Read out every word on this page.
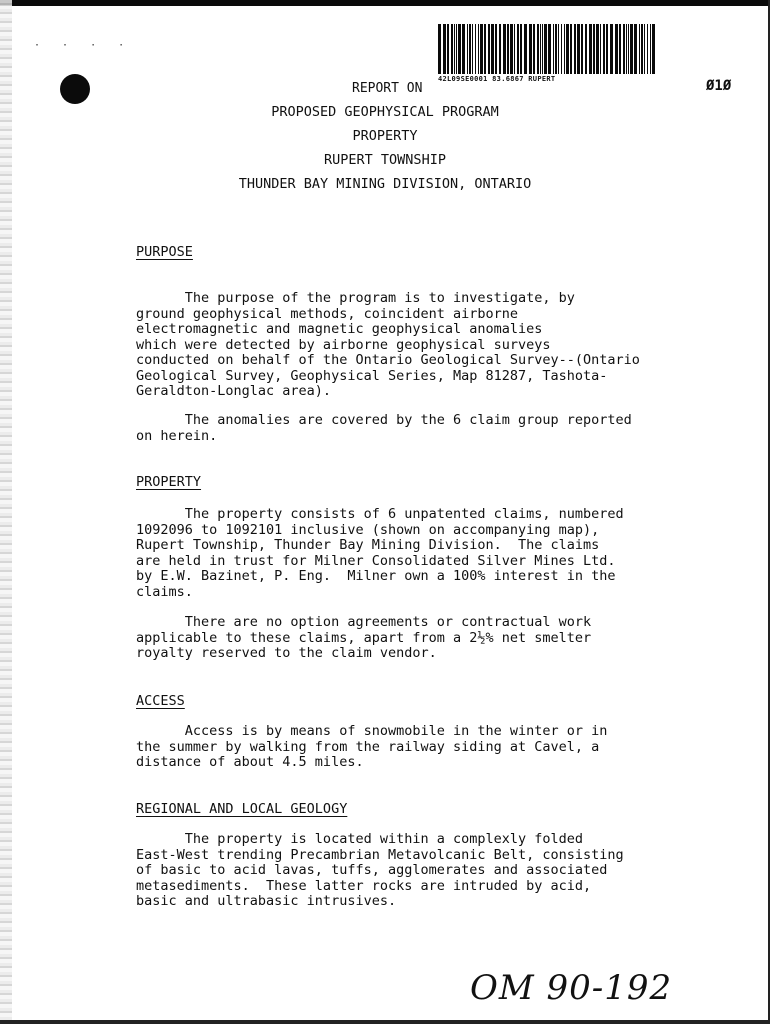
· · · ·
42L09SE0001 83.6867 RUPERT	Ø1Ø
REPORT ON
PROPOSED GEOPHYSICAL PROGRAM
PROPERTY
RUPERT TOWNSHIP
THUNDER BAY MINING DIVISION, ONTARIO
PURPOSE
The purpose of the program is to investigate, by
ground geophysical methods, coincident airborne
electromagnetic and magnetic geophysical anomalies
which were detected by airborne geophysical surveys
conducted on behalf of the Ontario Geological Survey--(Ontario
Geological Survey, Geophysical Series, Map 81287, Tashota-
Geraldton-Longlac area).
The anomalies are covered by the 6 claim group reported
on herein.
PROPERTY
The property consists of 6 unpatented claims, numbered
1092096 to 1092101 inclusive (shown on accompanying map),
Rupert Township, Thunder Bay Mining Division.  The claims
are held in trust for Milner Consolidated Silver Mines Ltd.
by E.W. Bazinet, P. Eng.  Milner own a 100% interest in the
claims.
There are no option agreements or contractual work
applicable to these claims, apart from a 2½% net smelter
royalty reserved to the claim vendor.
ACCESS
Access is by means of snowmobile in the winter or in
the summer by walking from the railway siding at Cavel, a
distance of about 4.5 miles.
REGIONAL AND LOCAL GEOLOGY
The property is located within a complexly folded
East-West trending Precambrian Metavolcanic Belt, consisting
of basic to acid lavas, tuffs, agglomerates and associated
metasediments.  These latter rocks are intruded by acid,
basic and ultrabasic intrusives.
OM 90-192
